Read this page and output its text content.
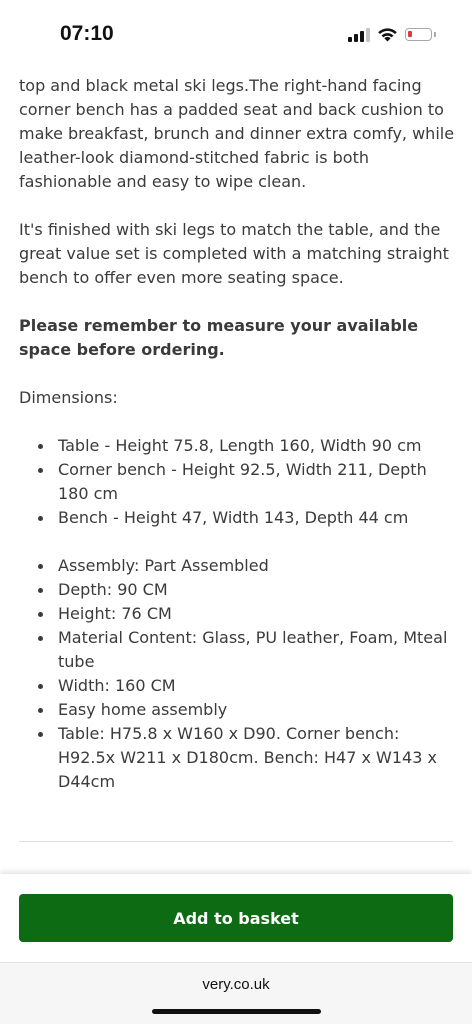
07:10

top and black metal ski legs.The right-hand facing corner bench has a padded seat and back cushion to make breakfast, brunch and dinner extra comfy, while leather-look diamond-stitched fabric is both fashionable and easy to wipe clean.

It's finished with ski legs to match the table, and the great value set is completed with a matching straight bench to offer even more seating space.

Please remember to measure your available space before ordering.

Dimensions:

Table - Height 75.8, Length 160, Width 90 cm
Corner bench - Height 92.5, Width 211, Depth 180 cm
Bench - Height 47, Width 143, Depth 44 cm
Assembly: Part Assembled
Depth: 90 CM
Height: 76 CM
Material Content: Glass, PU leather, Foam, Mteal tube
Width: 160 CM
Easy home assembly
Table: H75.8 x W160 x D90. Corner bench: H92.5x W211 x D180cm. Bench: H47 x W143 x D44cm
Add to basket
very.co.uk
